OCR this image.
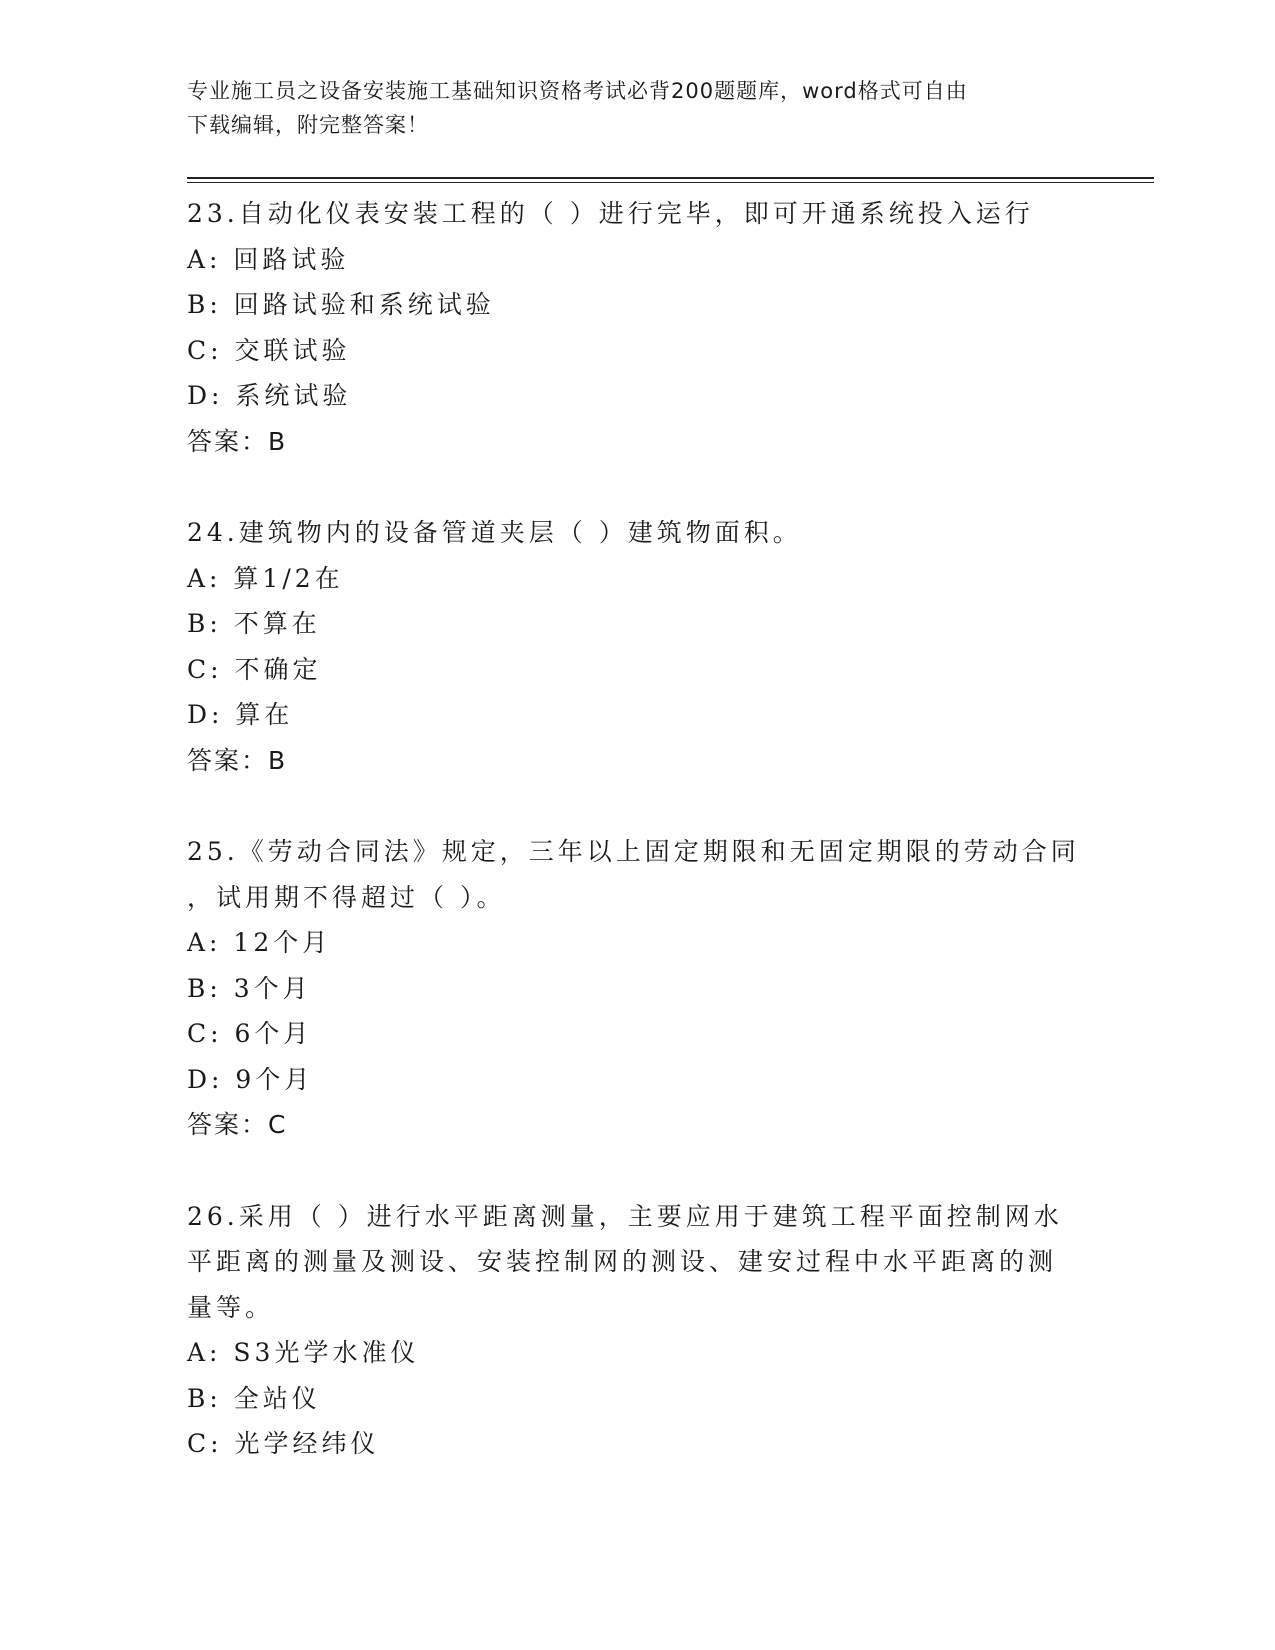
专业施工员之设备安装施工基础知识资格考试必背200题题库，word格式可自由
下载编辑，附完整答案！
23.自动化仪表安装工程的（ ）进行完毕，即可开通系统投入运行
A: 回路试验
B: 回路试验和系统试验
C: 交联试验
D: 系统试验
答案：B
24.建筑物内的设备管道夹层（ ）建筑物面积。
A: 算1/2在
B: 不算在
C: 不确定
D: 算在
答案：B
25.《劳动合同法》规定，三年以上固定期限和无固定期限的劳动合同
，试用期不得超过（ ）。
A: 12个月
B: 3个月
C: 6个月
D: 9个月
答案：C
26.采用（ ）进行水平距离测量，主要应用于建筑工程平面控制网水
平距离的测量及测设、安装控制网的测设、建安过程中水平距离的测
量等。
A: S3光学水准仪
B: 全站仪
C: 光学经纬仪
